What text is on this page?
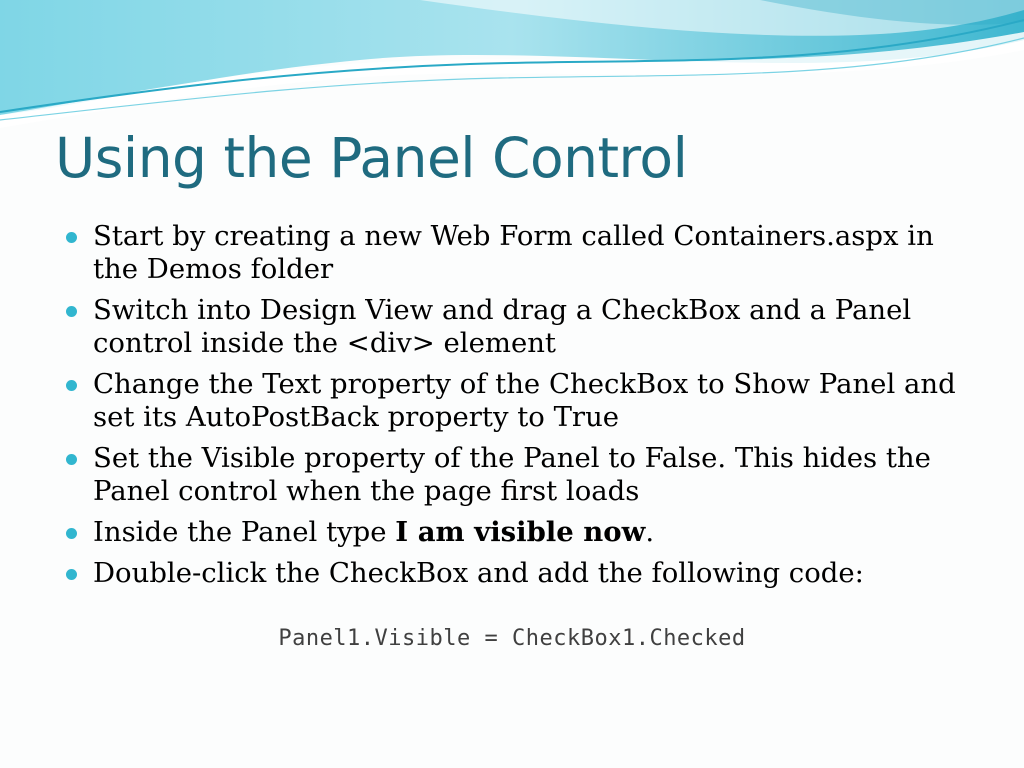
Using the Panel Control
Start by creating a new Web Form called Containers.aspx in the Demos folder
Switch into Design View and drag a CheckBox and a Panel control inside the <div> element
Change the Text property of the CheckBox to Show Panel and set its AutoPostBack property to True
Set the Visible property of the Panel to False. This hides the Panel control when the page first loads
Inside the Panel type I am visible now.
Double-click the CheckBox and add the following code:
Panel1.Visible = CheckBox1.Checked
